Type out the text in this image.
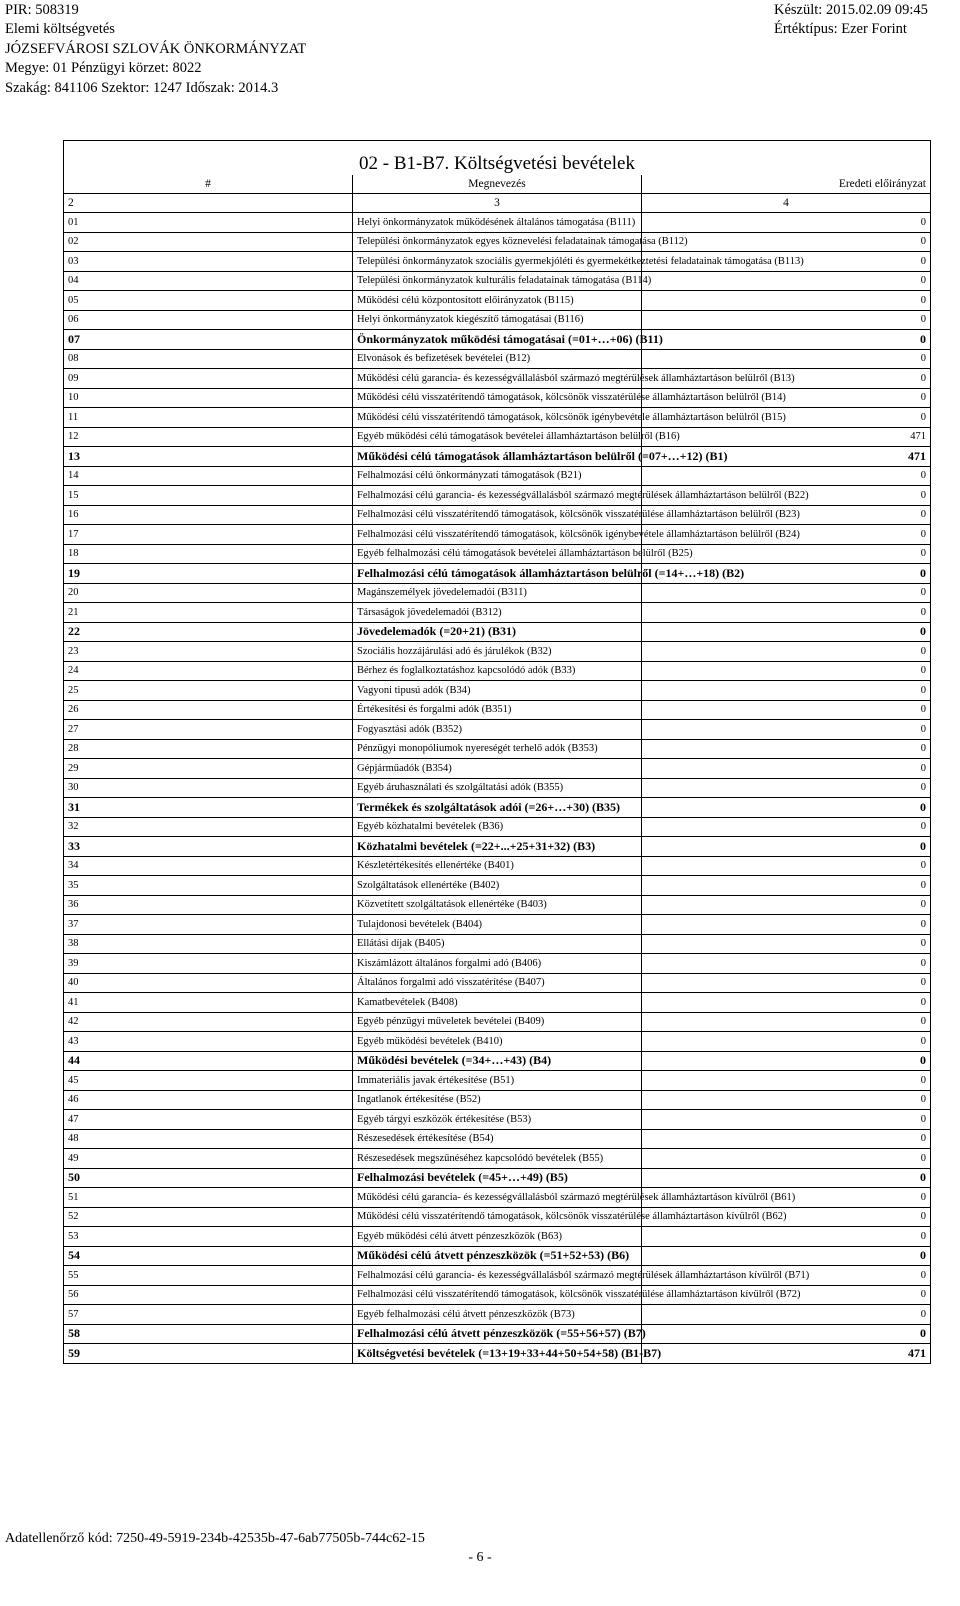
PIR: 508319
Elemi költségvetés
JÓZSEFVÁROSI SZLOVÁK ÖNKORMÁNYZAT
Megye: 01 Pénzügyi körzet: 8022
Szakág: 841106 Szektor: 1247 Időszak: 2014.3
Készült: 2015.02.09 09:45
Értéktípus: Ezer Forint
02 - B1-B7. Költségvetési bevételek		
#	Megnevezés	Eredeti előirányzat
2	3	4
01	Helyi önkormányzatok működésének általános támogatása (B111)	0
02	Települési önkormányzatok egyes köznevelési feladatainak támogatása (B112)	0
03	Települési önkormányzatok szociális gyermekjóléti és gyermekétkeztetési feladatainak támogatása (B113)	0
04	Települési önkormányzatok kulturális feladatainak támogatása (B114)	0
05	Működési célú központosított előirányzatok (B115)	0
06	Helyi önkormányzatok kiegészítő támogatásai (B116)	0
07	Önkormányzatok működési támogatásai (=01+…+06) (B11)	0
08	Elvonások és befizetések bevételei (B12)	0
09	Működési célú garancia- és kezességvállalásból származó megtérülések államháztartáson belülről (B13)	0
10	Működési célú visszatérítendő támogatások, kölcsönök visszatérülése államháztartáson belülről (B14)	0
11	Működési célú visszatérítendő támogatások, kölcsönök igénybevétele államháztartáson belülről (B15)	0
12	Egyéb működési célú támogatások bevételei államháztartáson belülről (B16)	471
13	Működési célú támogatások államháztartáson belülről (=07+…+12) (B1)	471
14	Felhalmozási célú önkormányzati támogatások (B21)	0
15	Felhalmozási célú garancia- és kezességvállalásból származó megtérülések államháztartáson belülről (B22)	0
16	Felhalmozási célú visszatérítendő támogatások, kölcsönök visszatérülése államháztartáson belülről (B23)	0
17	Felhalmozási célú visszatérítendő támogatások, kölcsönök igénybevétele államháztartáson belülről (B24)	0
18	Egyéb felhalmozási célú támogatások bevételei államháztartáson belülről (B25)	0
19	Felhalmozási célú támogatások államháztartáson belülről (=14+…+18) (B2)	0
20	Magánszemélyek jövedelemadói (B311)	0
21	Társaságok jövedelemadói (B312)	0
22	Jövedelemadók (=20+21) (B31)	0
23	Szociális hozzájárulási adó és járulékok (B32)	0
24	Bérhez és foglalkoztatáshoz kapcsolódó adók (B33)	0
25	Vagyoni tipusú adók (B34)	0
26	Értékesítési és forgalmi adók (B351)	0
27	Fogyasztási adók (B352)	0
28	Pénzügyi monopóliumok nyereségét terhelő adók (B353)	0
29	Gépjárműadók (B354)	0
30	Egyéb áruhasználati és szolgáltatási adók (B355)	0
31	Termékek és szolgáltatások adói (=26+…+30) (B35)	0
32	Egyéb közhatalmi bevételek (B36)	0
33	Közhatalmi bevételek (=22+...+25+31+32) (B3)	0
34	Készletértékesítés ellenértéke (B401)	0
35	Szolgáltatások ellenértéke (B402)	0
36	Közvetített szolgáltatások ellenértéke (B403)	0
37	Tulajdonosi bevételek (B404)	0
38	Ellátási díjak (B405)	0
39	Kiszámlázott általános forgalmi adó (B406)	0
40	Általános forgalmi adó visszatérítése (B407)	0
41	Kamatbevételek (B408)	0
42	Egyéb pénzügyi műveletek bevételei (B409)	0
43	Egyéb működési bevételek (B410)	0
44	Működési bevételek (=34+…+43) (B4)	0
45	Immateriális javak értékesítése (B51)	0
46	Ingatlanok értékesítése (B52)	0
47	Egyéb tárgyi eszközök értékesítése (B53)	0
48	Részesedések értékesítése (B54)	0
49	Részesedések megszűnéséhez kapcsolódó bevételek (B55)	0
50	Felhalmozási bevételek (=45+…+49) (B5)	0
51	Működési célú garancia- és kezességvállalásból származó megtérülések államháztartáson kívülről (B61)	0
52	Működési célú visszatérítendő támogatások, kölcsönök visszatérülése államháztartáson kívülről (B62)	0
53	Egyéb működési célú átvett pénzeszközök (B63)	0
54	Működési célú átvett pénzeszközök (=51+52+53) (B6)	0
55	Felhalmozási célú garancia- és kezességvállalásból származó megtérülések államháztartáson kívülről (B71)	0
56	Felhalmozási célú visszatérítendő támogatások, kölcsönök visszatérülése államháztartáson kívülről (B72)	0
57	Egyéb felhalmozási célú átvett pénzeszközök (B73)	0
58	Felhalmozási célú átvett pénzeszközök (=55+56+57) (B7)	0
59	Költségvetési bevételek (=13+19+33+44+50+54+58) (B1-B7)	471
Adatellenőrző kód: 7250-49-5919-234b-42535b-47-6ab77505b-744c62-15
- 6 -
